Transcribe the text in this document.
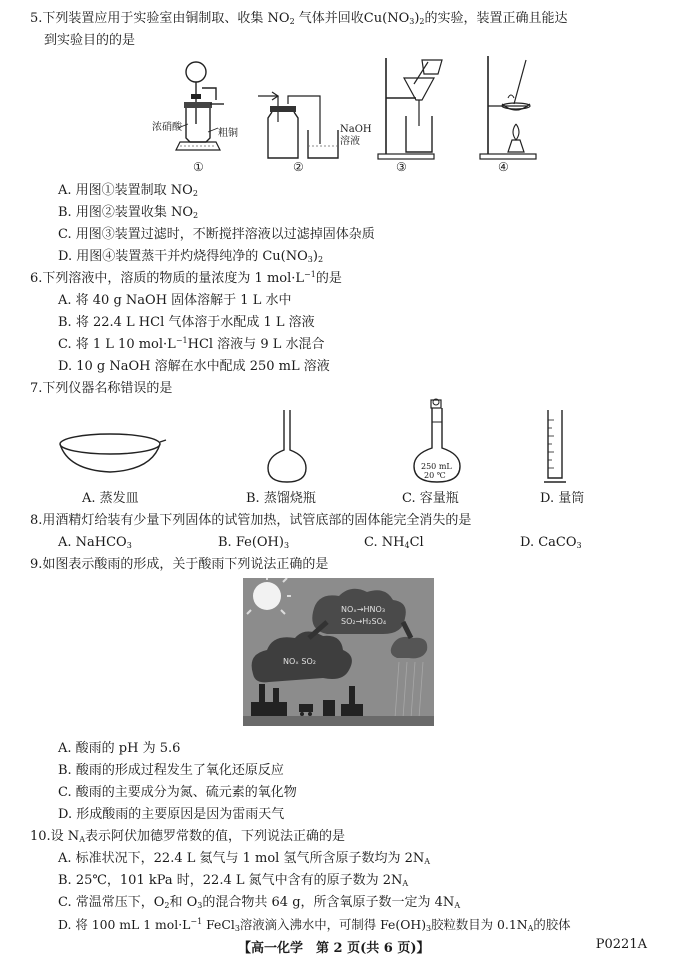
5.下列装置应用于实验室由铜制取、收集 $NO_2$ 气体并回收$Cu(NO_3)_2$的实验，装置正确且能达
到实验目的的是
浓硝酸
粗铜	NaOH
溶液
①	②	③	④
A. 用图①装置制取 $NO_2$
B. 用图②装置收集 $NO_2$
C. 用图③装置过滤时，不断搅拌溶液以过滤掉固体杂质
D. 用图④装置蒸干并灼烧得纯净的 $Cu(NO_3)_2$
6.下列溶液中，溶质的物质的量浓度为 1 $mol\cdot L^{-1}$的是
A. 将 40 g NaOH 固体溶解于 1 L 水中
B. 将 22.4 L HCl 气体溶于水配成 1 L 溶液
C. 将 1 L 10 $mol\cdot L^{-1}HCl$ 溶液与 9 L 水混合
D. 10 g NaOH 溶解在水中配成 250 mL 溶液
7.下列仪器名称错误的是
250 mL
20 ℃
A. 蒸发皿	B. 蒸馏烧瓶	C. 容量瓶	D. 量筒
8.用酒精灯给装有少量下列固体的试管加热，试管底部的固体能完全消失的是
A. NaHCO$_3$	B. $Fe(OH)_3$	C. $NH_4Cl$	D. CaCO$_3$
9.如图表示酸雨的形成，关于酸雨下列说法正确的是
NOₓ→HNO₃
SO₂→H₂SO₄
NOₓ SO₂
A. 酸雨的 pH 为 5.6
B. 酸雨的形成过程发生了氧化还原反应
C. 酸雨的主要成分为氮、硫元素的氧化物
D. 形成酸雨的主要原因是因为雷雨天气
10.设 $N_A$表示阿伏加德罗常数的值，下列说法正确的是
A. 标准状况下，22.4 L 氦气与 1 mol 氢气所含原子数均为 $2N_A$
B. 25℃，101 kPa 时，22.4 L 氮气中含有的原子数为 $2N_A$
C. 常温常压下，$O_2$和 $O_3$的混合物共 64 g，所含氧原子数一定为 $4N_A$
D. 将 100 mL 1 $mol\cdot L^{-1}$ FeCl$_3$溶液滴入沸水中，可制得 $Fe(OH)_3$胶粒数目为 $0.1N_A$的胶体
【高一化学　第 2 页(共 6 页)】	P0221A
